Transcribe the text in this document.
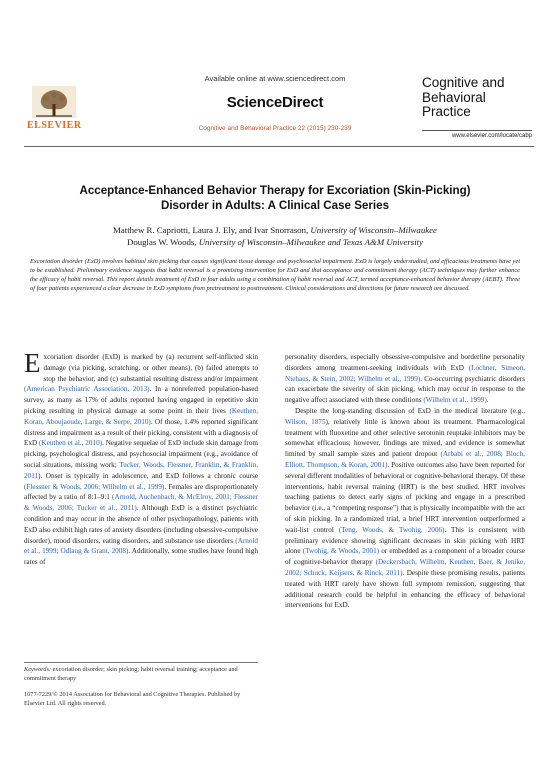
Available online at www.sciencedirect.com
ELSEVIER
ScienceDirect
Cognitive and Behavioral Practice 22 (2015) 230-239
Cognitive and
Behavioral
Practice
www.elsevier.com/locate/cabp
Acceptance-Enhanced Behavior Therapy for Excoriation (Skin-Picking)
Disorder in Adults: A Clinical Case Series
Matthew R. Capriotti, Laura J. Ely, and Ivar Snorrason, University of Wisconsin–Milwaukee
Douglas W. Woods, University of Wisconsin–Milwaukee and Texas A&M University
Excoriation disorder (ExD) involves habitual skin picking that causes significant tissue damage and psychosocial impairment. ExD is largely understudied, and efficacious treatments have yet to be established. Preliminary evidence suggests that habit reversal is a promising intervention for ExD and that acceptance and commitment therapy (ACT) techniques may further enhance the efficacy of habit reversal. This report details treatment of ExD in four adults using a combination of habit reversal and ACT, termed acceptance-enhanced behavior therapy (AEBT). Three of four patients experienced a clear decrease in ExD symptoms from pretreatment to posttreatment. Clinical considerations and directions for future research are discussed.

Excoriation disorder (ExD) is marked by (a) recurrent self-inflicted skin damage (via picking, scratching, or other means), (b) failed attempts to stop the behavior, and (c) substantial resulting distress and/or impairment (American Psychiatric Association, 2013). In a nonreferred population-based survey, as many as 17% of adults reported having engaged in repetitive skin picking resulting in physical damage at some point in their lives (Keuthen, Koran, Aboujaoude, Large, & Serpe, 2010). Of those, 1.4% reported significant distress and impairment as a result of their picking, consistent with a diagnosis of ExD (Keuthen et al., 2010). Negative sequelae of ExD include skin damage from picking, psychological distress, and psychosocial impairment (e.g., avoidance of social situations, missing work; Tucker, Woods, Flessner, Franklin, & Franklin, 2011). Onset is typically in adolescence, and ExD follows a chronic course (Flessner & Woods, 2006; Wilhelm et al., 1999). Females are disproportionately affected by a ratio of 8:1–9:1 (Arnold, Auchenbach, & McElroy, 2001; Flessner & Woods, 2006; Tucker et al., 2011). Although ExD is a distinct psychiatric condition and may occur in the absence of other psychopathology, patients with ExD also exhibit high rates of anxiety disorders (including obsessive-compulsive disorder), mood disorders, eating disorders, and substance use disorders (Arnold et al., 1999; Odlaug & Grant, 2008). Additionally, some studies have found high rates of

Keywords: excoriation disorder; skin picking; habit reversal training; acceptance and commitment therapy
1077-7229/© 2014 Association for Behavioral and Cognitive Therapies. Published by Elsevier Ltd. All rights reserved.

personality disorders, especially obsessive-compulsive and borderline personality disorders among treatment-seeking individuals with ExD (Lochner, Simeon, Niehaus, & Stein, 2002; Wilhelm et al., 1999). Co-occurring psychiatric disorders can exacerbate the severity of skin picking, which may occur in response to the negative affect associated with these conditions (Wilhelm et al., 1999).

Despite the long-standing discussion of ExD in the medical literature (e.g., Wilson, 1875), relatively little is known about its treatment. Pharmacological treatment with fluoxetine and other selective serotonin reuptake inhibitors may be somewhat efficacious; however, findings are mixed, and evidence is somewhat limited by small sample sizes and patient dropout (Arbabi et al., 2008; Bloch, Elliott, Thompson, & Koran, 2001). Positive outcomes also have been reported for several different modalities of behavioral or cognitive-behavioral therapy. Of these interventions, habit reversal training (HRT) is the best studied. HRT involves teaching patients to detect early signs of picking and engage in a prescribed behavior (i.e., a “competing response”) that is physically incompatible with the act of skin picking. In a randomized trial, a brief HRT intervention outperformed a wait-list control (Teng, Woods, & Twohig, 2006). This is consistent with preliminary evidence showing significant decreases in skin picking with HRT alone (Twohig, & Woods, 2001) or embedded as a component of a broader course of cognitive-behavior therapy (Deckersbach, Wilhelm, Keuthen, Baer, & Jenike, 2002; Schuck, Keijsers, & Rinck, 2011). Despite these promising results, patients treated with HRT rarely have shown full symptom remission, suggesting that additional research could be helpful in enhancing the efficacy of behavioral interventions for ExD.
